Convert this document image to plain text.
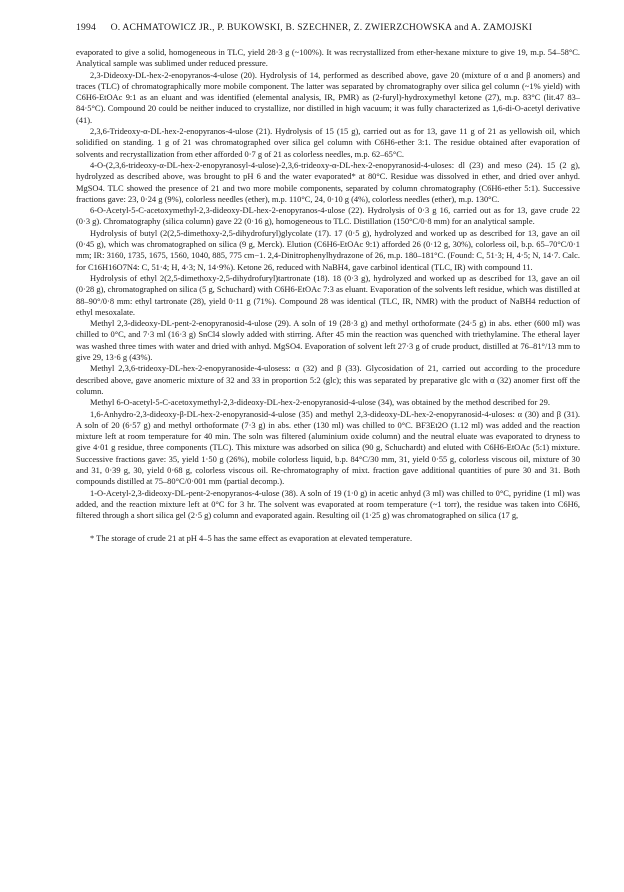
1994 O. ACHMATOWICZ JR., P. BUKOWSKI, B. SZECHNER, Z. ZWIERZCHOWSKA and A. ZAMOJSKI

evaporated to give a solid, homogeneous in TLC, yield 28·3 g (~100%). It was recrystallized from ether-hexane mixture to give 19, m.p. 54–58°C. Analytical sample was sublimed under reduced pressure.

2,3-Dideoxy-DL-hex-2-enopyranos-4-ulose (20). Hydrolysis of 14, performed as described above, gave 20 (mixture of α and β anomers) and traces (TLC) of chromatographically more mobile component. The latter was separated by chromatography over silica gel column (~1% yield) with C6H6-EtOAc 9:1 as an eluant and was identified (elemental analysis, IR, PMR) as (2-furyl)-hydroxymethyl ketone (27), m.p. 83°C (lit.47 83–84·5°C). Compound 20 could be neither induced to crystallize, nor distilled in high vacuum; it was fully characterized as 1,6-di-O-acetyl derivative (41).

2,3,6-Trideoxy-α-DL-hex-2-enopyranos-4-ulose (21). Hydrolysis of 15 (15 g), carried out as for 13, gave 11 g of 21 as yellowish oil, which solidified on standing. 1 g of 21 was chromatographed over silica gel column with C6H6-ether 3:1. The residue obtained after evaporation of solvents and recrystallization from ether afforded 0·7 g of 21 as colorless needles, m.p. 62–65°C.

4-O-(2,3,6-trideoxy-α-DL-hex-2-enopyranosyl-4-ulose)-2,3,6-trideoxy-α-DL-hex-2-enopyranosid-4-uloses: dl (23) and meso (24). 15 (2 g), hydrolyzed as described above, was brought to pH 6 and the water evaporated* at 80°C. Residue was dissolved in ether, and dried over anhyd. MgSO4. TLC showed the presence of 21 and two more mobile components, separated by column chromatography (C6H6-ether 5:1). Successive fractions gave: 23, 0·24 g (9%), colorless needles (ether), m.p. 110°C, 24, 0·10 g (4%), colorless needles (ether), m.p. 130°C.

6-O-Acetyl-5-C-acetoxymethyl-2,3-dideoxy-DL-hex-2-enopyranos-4-ulose (22). Hydrolysis of 0·3 g 16, carried out as for 13, gave crude 22 (0·3 g). Chromatography (silica column) gave 22 (0·16 g), homogeneous to TLC. Distillation (150°C/0·8 mm) for an analytical sample.

Hydrolysis of butyl (2(2,5-dimethoxy-2,5-dihydrofuryl)glycolate (17). 17 (0·5 g), hydrolyzed and worked up as described for 13, gave an oil (0·45 g), which was chromatographed on silica (9 g, Merck). Elution (C6H6-EtOAc 9:1) afforded 26 (0·12 g, 30%), colorless oil, b.p. 65–70°C/0·1 mm; IR: 3160, 1735, 1675, 1560, 1040, 885, 775 cm−1. 2,4-Dinitrophenylhydrazone of 26, m.p. 180–181°C. (Found: C, 51·3; H, 4·5; N, 14·7. Calc. for C16H16O7N4: C, 51·4; H, 4·3; N, 14·9%). Ketone 26, reduced with NaBH4, gave carbinol identical (TLC, IR) with compound 11.

Hydrolysis of ethyl 2(2,5-dimethoxy-2,5-dihydrofuryl)tartronate (18). 18 (0·3 g), hydrolyzed and worked up as described for 13, gave an oil (0·28 g), chromatographed on silica (5 g, Schuchard) with C6H6-EtOAc 7:3 as eluant. Evaporation of the solvents left residue, which was distilled at 88–90°/0·8 mm: ethyl tartronate (28), yield 0·11 g (71%). Compound 28 was identical (TLC, IR, NMR) with the product of NaBH4 reduction of ethyl mesoxalate.

Methyl 2,3-dideoxy-DL-pent-2-enopyranosid-4-ulose (29). A soln of 19 (28·3 g) and methyl orthoformate (24·5 g) in abs. ether (600 ml) was chilled to 0°C, and 7·3 ml (16·3 g) SnCl4 slowly added with stirring. After 45 min the reaction was quenched with triethylamine. The etheral layer was washed three times with water and dried with anhyd. MgSO4. Evaporation of solvent left 27·3 g of crude product, distilled at 76–81°/13 mm to give 29, 13·6 g (43%).

Methyl 2,3,6-trideoxy-DL-hex-2-enopyranoside-4-ulosess: α (32) and β (33). Glycosidation of 21, carried out according to the procedure described above, gave anomeric mixture of 32 and 33 in proportion 5:2 (glc); this was separated by preparative glc with α (32) anomer first off the column.

Methyl 6-O-acetyl-5-C-acetoxymethyl-2,3-dideoxy-DL-hex-2-enopyranosid-4-ulose (34), was obtained by the method described for 29.

1,6-Anhydro-2,3-dideoxy-β-DL-hex-2-enopyranosid-4-ulose (35) and methyl 2,3-dideoxy-DL-hex-2-enopyranosid-4-uloses: α (30) and β (31). A soln of 20 (6·57 g) and methyl orthoformate (7·3 g) in abs. ether (130 ml) was chilled to 0°C. BF3Et2O (1.12 ml) was added and the reaction mixture left at room temperature for 40 min. The soln was filtered (aluminium oxide column) and the neutral eluate was evaporated to dryness to give 4·01 g residue, three components (TLC). This mixture was adsorbed on silica (90 g, Schuchardt) and eluted with C6H6-EtOAc (5:1) mixture. Successive fractions gave: 35, yield 1·50 g (26%), mobile colorless liquid, b.p. 84°C/30 mm, 31, yield 0·55 g, colorless viscous oil, mixture of 30 and 31, 0·39 g, 30, yield 0·68 g, colorless viscous oil. Re-chromatography of mixt. fraction gave additional quantities of pure 30 and 31. Both compounds distilled at 75–80°C/0·001 mm (partial decomp.).

1-O-Acetyl-2,3-dideoxy-DL-pent-2-enopyranos-4-ulose (38). A soln of 19 (1·0 g) in acetic anhyd (3 ml) was chilled to 0°C, pyridine (1 ml) was added, and the reaction mixture left at 0°C for 3 hr. The solvent was evaporated at room temperature (~1 torr), the residue was taken into C6H6, filtered through a short silica gel (2·5 g) column and evaporated again. Resulting oil (1·25 g) was chromatographed on silica (17 g,

* The storage of crude 21 at pH 4–5 has the same effect as evaporation at elevated temperature.
